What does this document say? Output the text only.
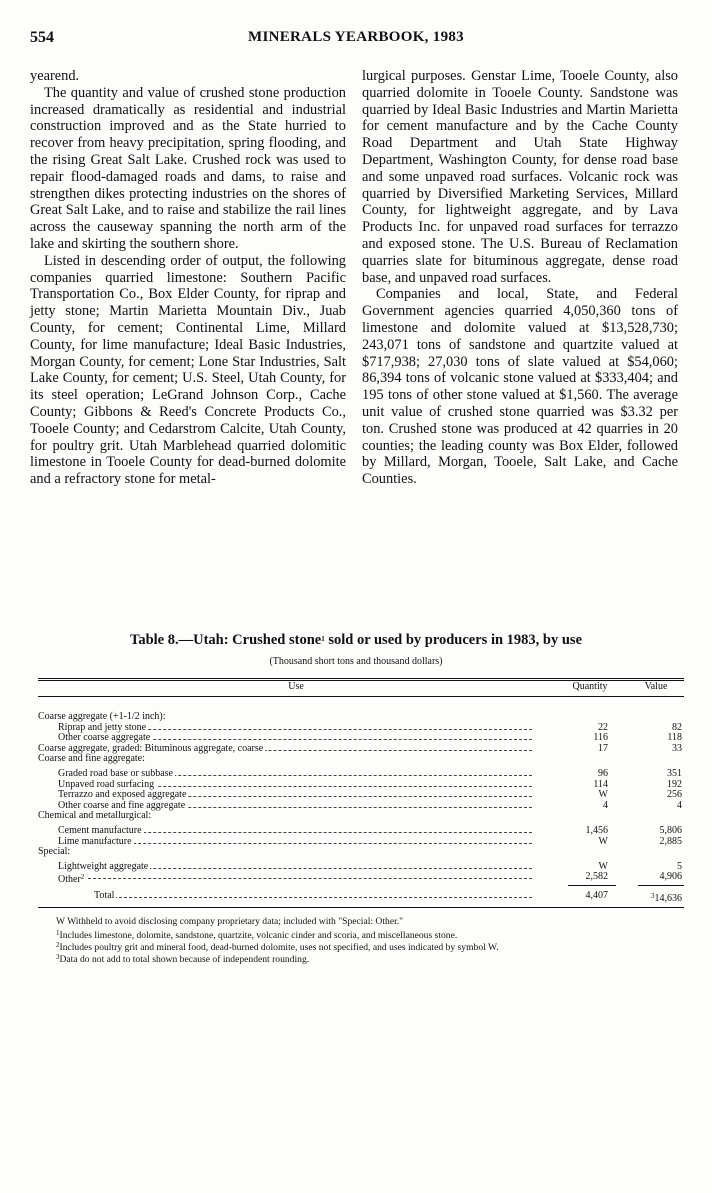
554	MINERALS YEARBOOK, 1983

yearend.

The quantity and value of crushed stone production increased dramatically as residential and industrial construction improved and as the State hurried to recover from heavy precipitation, spring flooding, and the rising Great Salt Lake. Crushed rock was used to repair flood-damaged roads and dams, to raise and strengthen dikes protecting industries on the shores of Great Salt Lake, and to raise and stabilize the rail lines across the causeway spanning the north arm of the lake and skirting the southern shore.

Listed in descending order of output, the following companies quarried limestone: Southern Pacific Transportation Co., Box Elder County, for riprap and jetty stone; Martin Marietta Mountain Div., Juab County, for cement; Continental Lime, Millard County, for lime manufacture; Ideal Basic Industries, Morgan County, for cement; Lone Star Industries, Salt Lake County, for cement; U.S. Steel, Utah County, for its steel operation; LeGrand Johnson Corp., Cache County; Gibbons & Reed's Concrete Products Co., Tooele County; and Cedarstrom Calcite, Utah County, for poultry grit. Utah Marblehead quarried dolomitic limestone in Tooele County for dead-burned dolomite and a refractory stone for metal-

lurgical purposes. Genstar Lime, Tooele County, also quarried dolomite in Tooele County. Sandstone was quarried by Ideal Basic Industries and Martin Marietta for cement manufacture and by the Cache County Road Department and Utah State Highway Department, Washington County, for dense road base and some unpaved road surfaces. Volcanic rock was quarried by Diversified Marketing Services, Millard County, for lightweight aggregate, and by Lava Products Inc. for unpaved road surfaces for terrazzo and exposed stone. The U.S. Bureau of Reclamation quarries slate for bituminous aggregate, dense road base, and unpaved road surfaces.

Companies and local, State, and Federal Government agencies quarried 4,050,360 tons of limestone and dolomite valued at $13,528,730; 243,071 tons of sandstone and quartzite valued at $717,938; 27,030 tons of slate valued at $54,060; 86,394 tons of volcanic stone valued at $333,404; and 195 tons of other stone valued at $1,560. The average unit value of crushed stone quarried was $3.32 per ton. Crushed stone was produced at 42 quarries in 20 counties; the leading county was Box Elder, followed by Millard, Morgan, Tooele, Salt Lake, and Cache Counties.

Table 8.—Utah: Crushed stone$^1$ sold or used by producers in 1983, by use
(Thousand short tons and thousand dollars)
Use	Quantity	Value
Coarse aggregate (+1-1/2 inch):
Riprap and jetty stone	22	82
Other coarse aggregate	116	118
Coarse aggregate, graded: Bituminous aggregate, coarse	17	33
Coarse and fine aggregate:
Graded road base or subbase	96	351
Unpaved road surfacing	114	192
Terrazzo and exposed aggregate	W	256
Other coarse and fine aggregate	4	4
Chemical and metallurgical:
Cement manufacture	1,456	5,806
Lime manufacture	W	2,885
Special:
Lightweight aggregate	W	5
Other$^2$	2,582	4,906
Total	4,407	$^3$14,636
W Withheld to avoid disclosing company proprietary data; included with "Special: Other."
$^1$Includes limestone, dolomite, sandstone, quartzite, volcanic cinder and scoria, and miscellaneous stone.
$^2$Includes poultry grit and mineral food, dead-burned dolomite, uses not specified, and uses indicated by symbol W.
$^3$Data do not add to total shown because of independent rounding.
